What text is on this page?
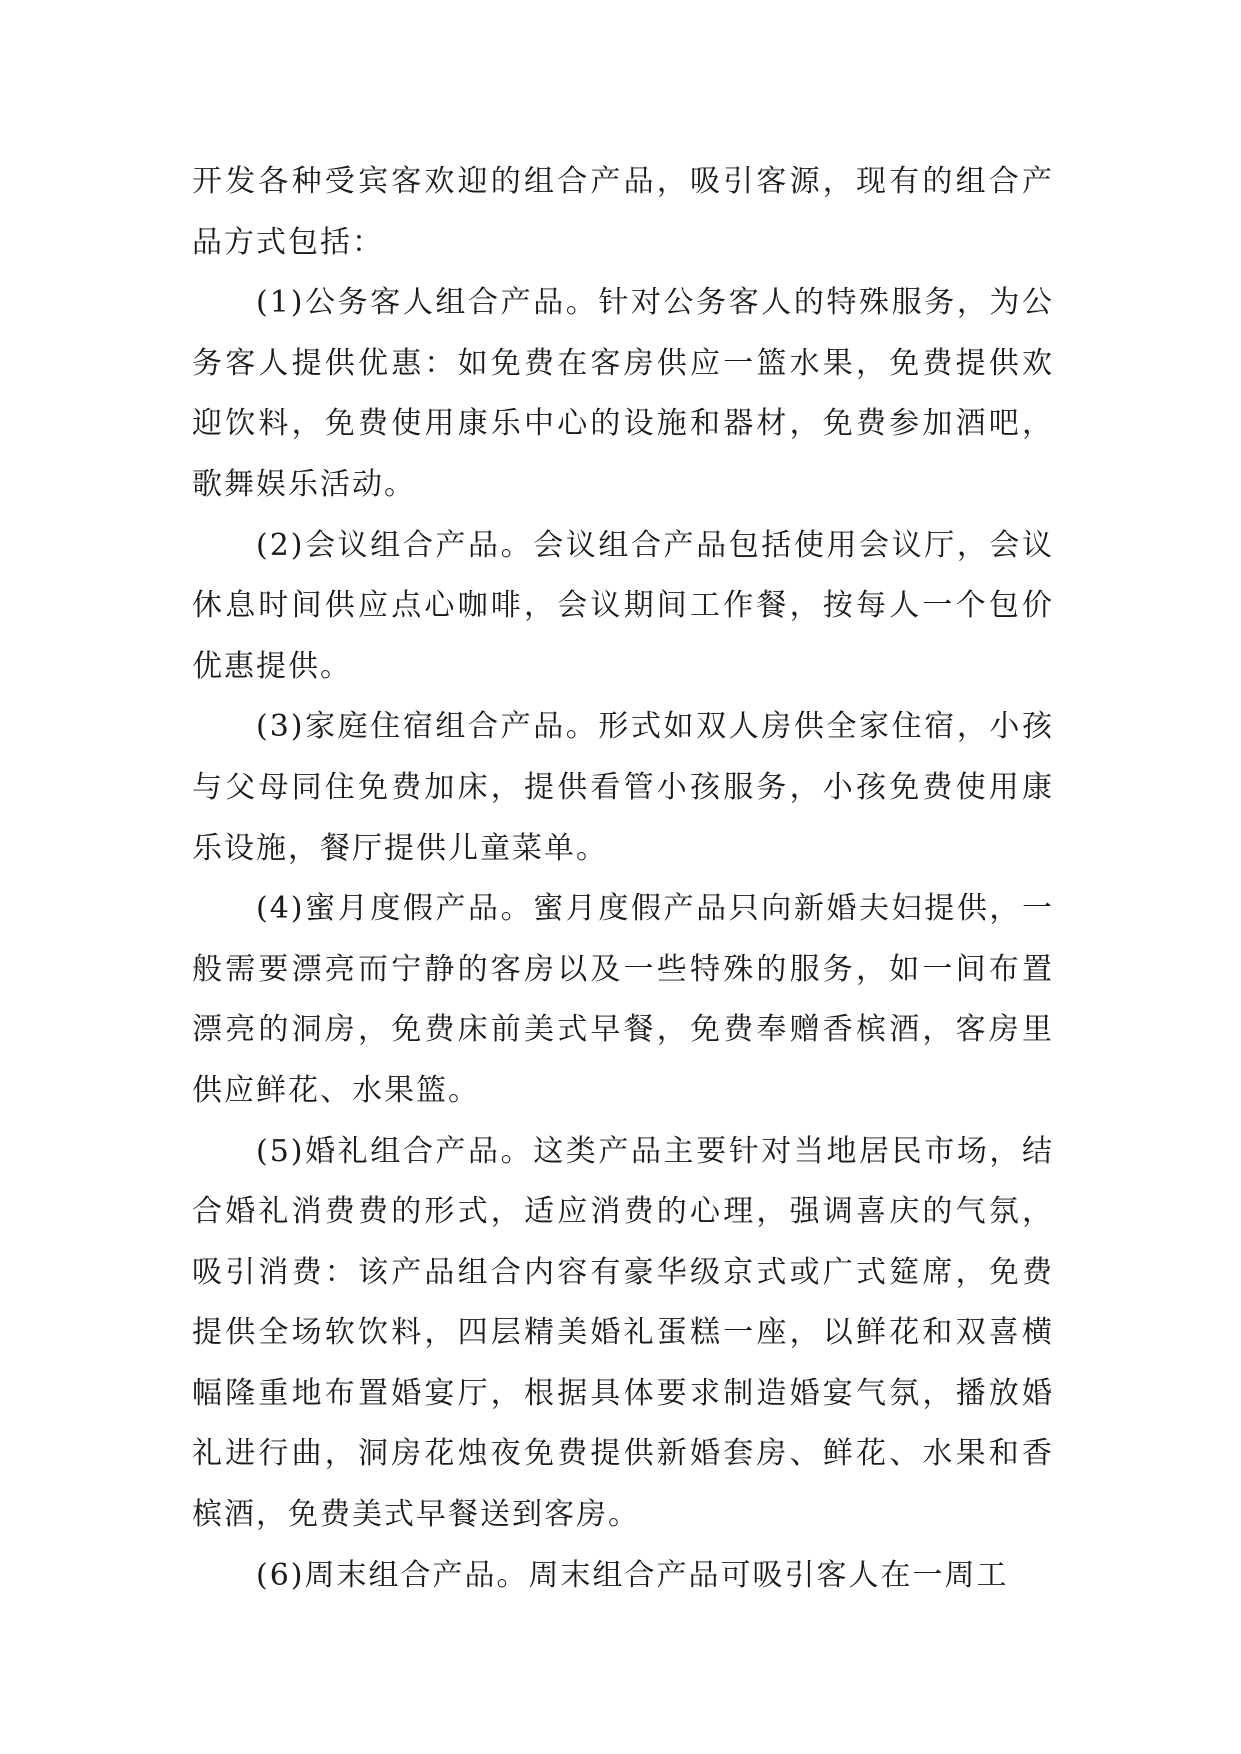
开发各种受宾客欢迎的组合产品，吸引客源，现有的组合产品方式包括：

(1)公务客人组合产品。针对公务客人的特殊服务，为公务客人提供优惠：如免费在客房供应一篮水果，免费提供欢迎饮料，免费使用康乐中心的设施和器材，免费参加酒吧，歌舞娱乐活动。

(2)会议组合产品。会议组合产品包括使用会议厅，会议休息时间供应点心咖啡，会议期间工作餐，按每人一个包价优惠提供。

(3)家庭住宿组合产品。形式如双人房供全家住宿，小孩与父母同住免费加床，提供看管小孩服务，小孩免费使用康乐设施，餐厅提供儿童菜单。

(4)蜜月度假产品。蜜月度假产品只向新婚夫妇提供，一般需要漂亮而宁静的客房以及一些特殊的服务，如一间布置漂亮的洞房，免费床前美式早餐，免费奉赠香槟酒，客房里供应鲜花、水果篮。

(5)婚礼组合产品。这类产品主要针对当地居民市场，结合婚礼消费费的形式，适应消费的心理，强调喜庆的气氛，吸引消费：该产品组合内容有豪华级京式或广式筵席，免费提供全场软饮料，四层精美婚礼蛋糕一座，以鲜花和双喜横幅隆重地布置婚宴厅，根据具体要求制造婚宴气氛，播放婚礼进行曲，洞房花烛夜免费提供新婚套房、鲜花、水果和香槟酒，免费美式早餐送到客房。

(6)周末组合产品。周末组合产品可吸引客人在一周工
